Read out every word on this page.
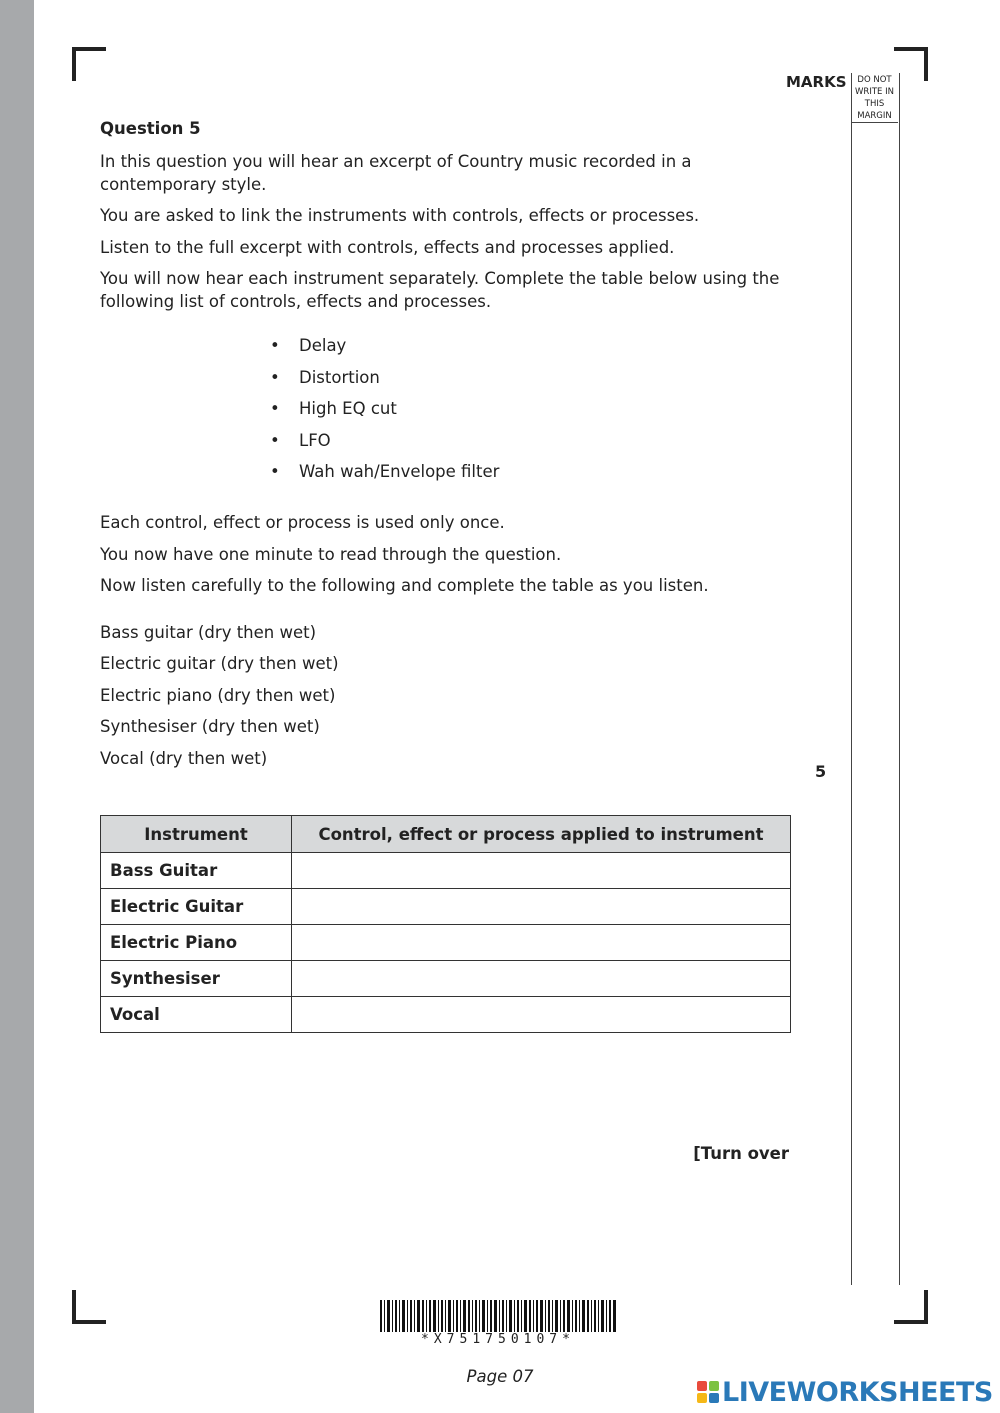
DO NOT
WRITE IN
THIS
MARGIN
MARKS
5
Question 5
In this question you will hear an excerpt of Country music recorded in a contemporary style.
You are asked to link the instruments with controls, effects or processes.
Listen to the full excerpt with controls, effects and processes applied.
You will now hear each instrument separately. Complete the table below using the following list of controls, effects and processes.
•	Delay
•	Distortion
•	High EQ cut
•	LFO
•	Wah wah/Envelope filter
Each control, effect or process is used only once.
You now have one minute to read through the question.
Now listen carefully to the following and complete the table as you listen.
Bass guitar (dry then wet)
Electric guitar (dry then wet)
Electric piano (dry then wet)
Synthesiser (dry then wet)
Vocal (dry then wet)
Instrument	Control, effect or process applied to instrument
Bass Guitar	
Electric Guitar	
Electric Piano	
Synthesiser	
Vocal	
[Turn over
*X751750107*
Page 07	LIVEWORKSHEETS
